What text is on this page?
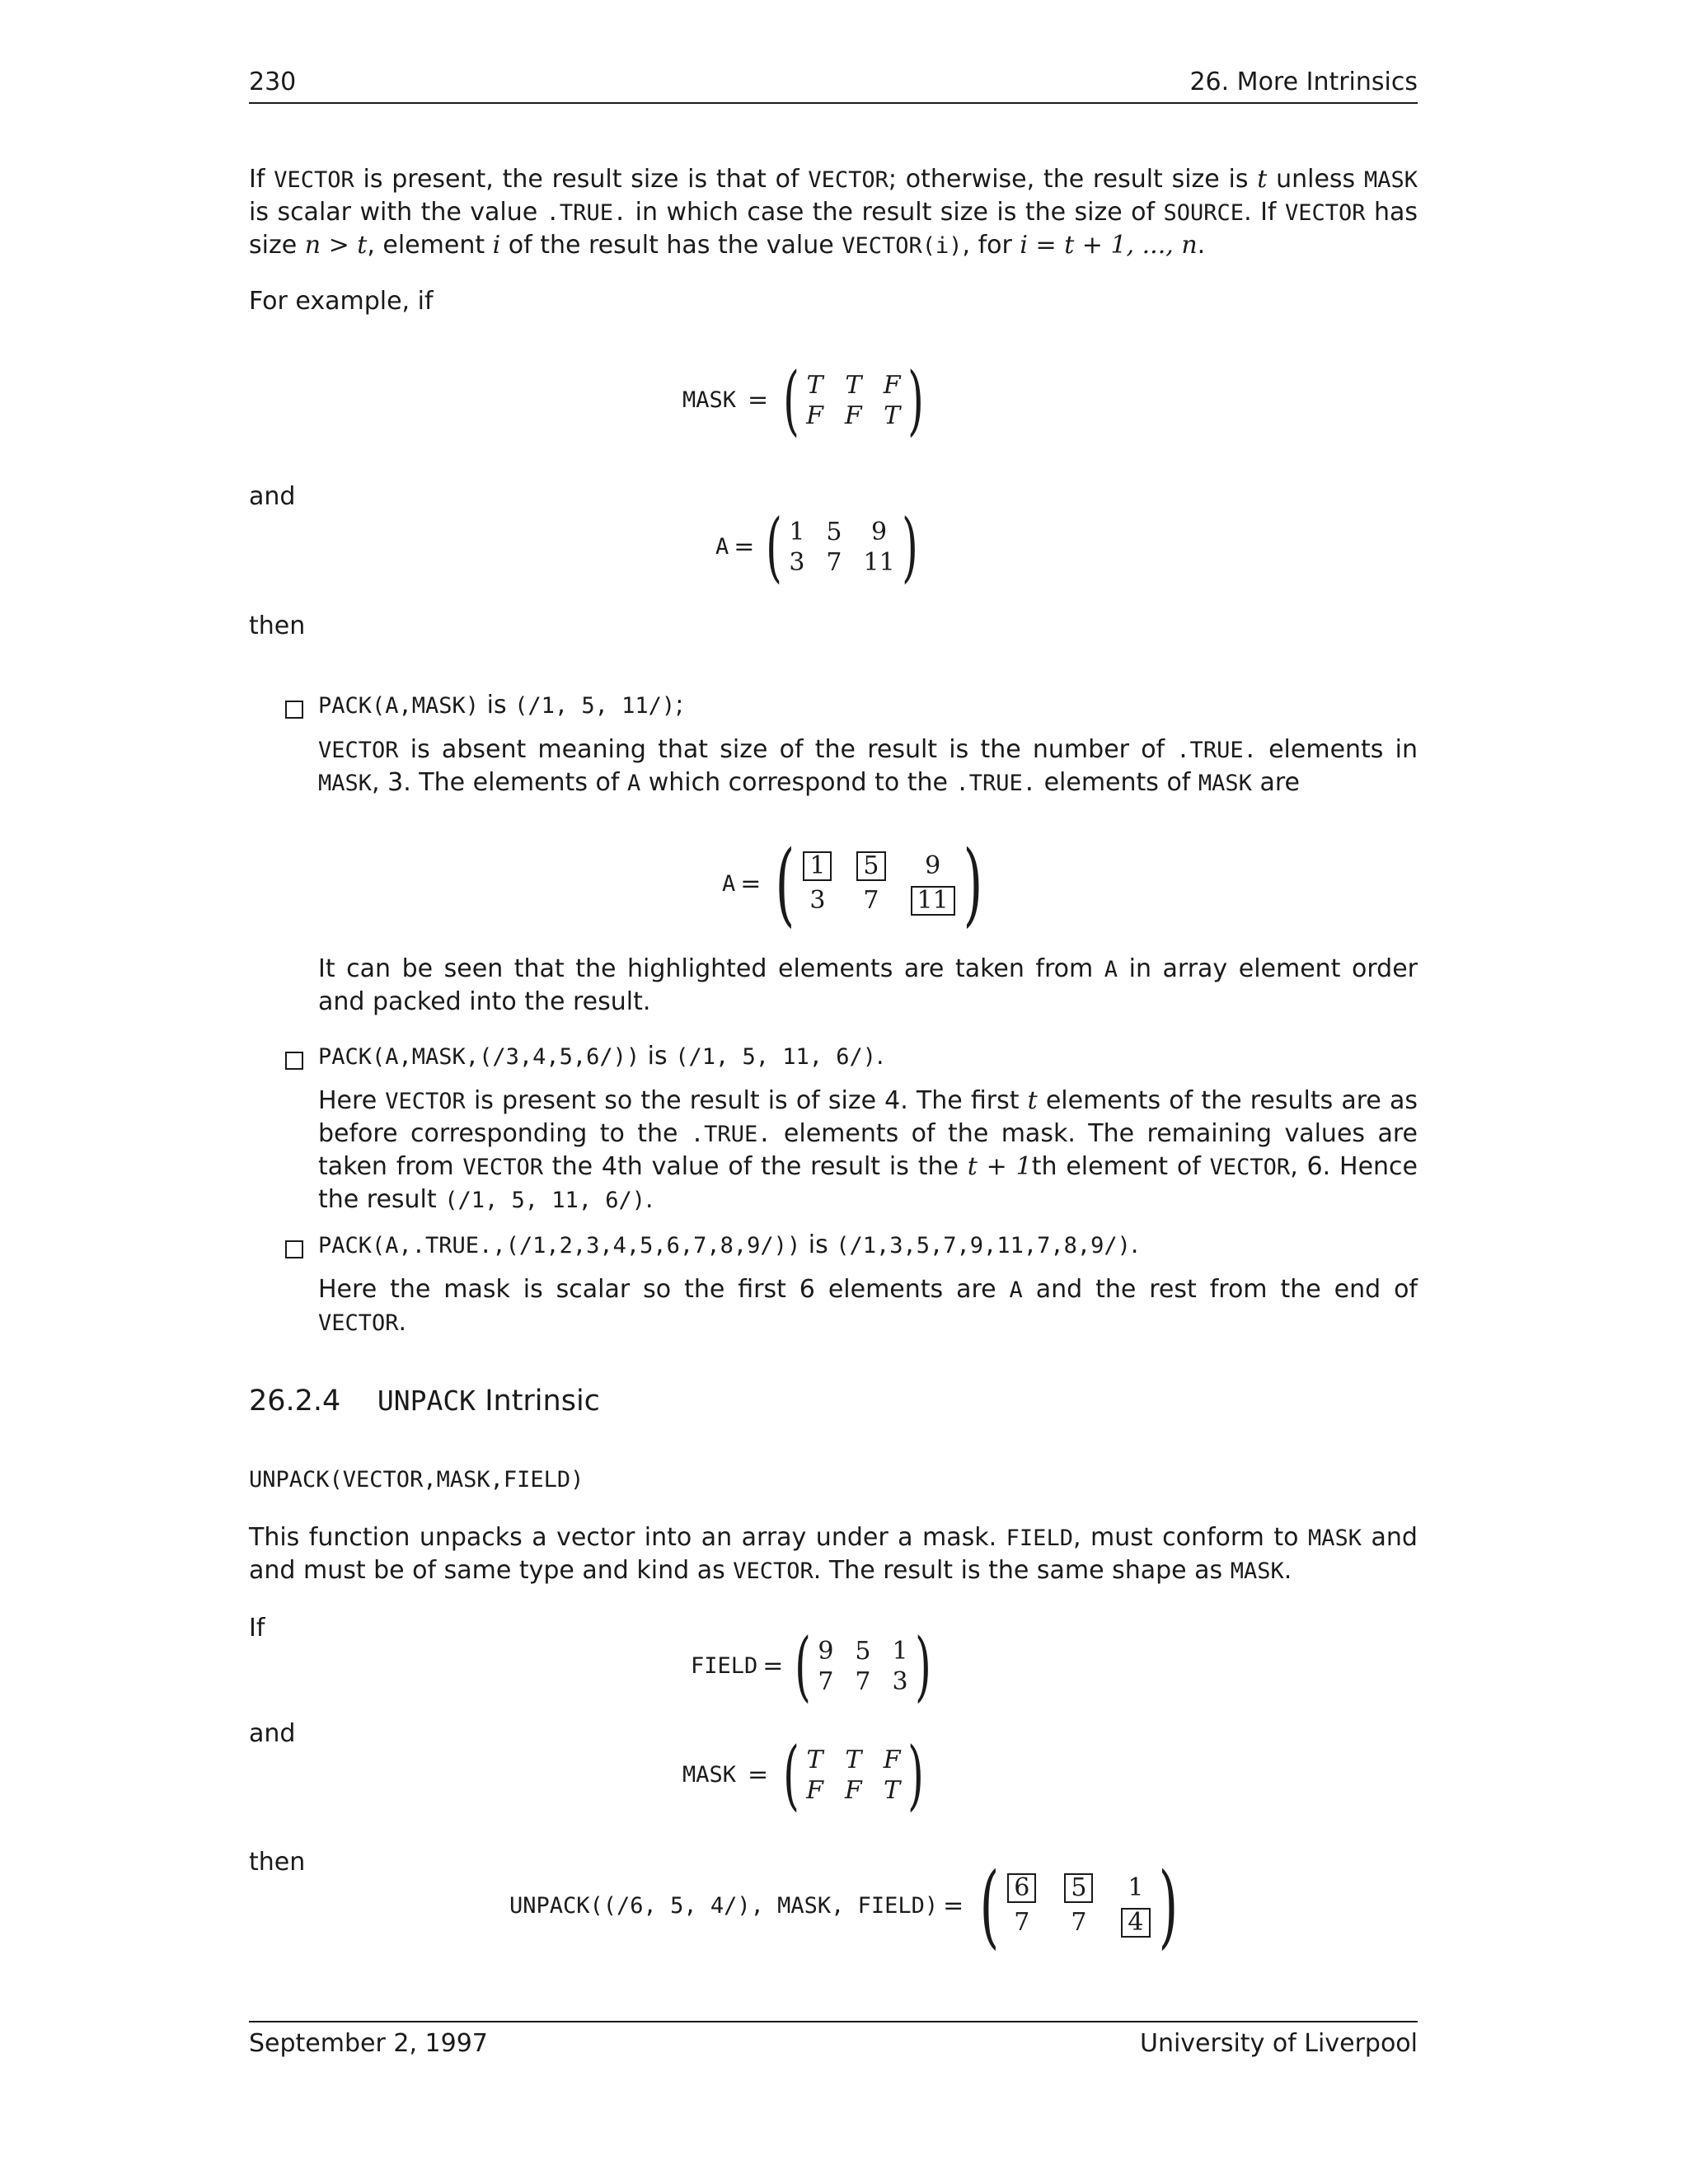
230	26. More Intrinsics
If VECTOR is present, the result size is that of VECTOR; otherwise, the result size is t unless MASK is scalar with the value .TRUE. in which case the result size is the size of SOURCE. If VECTOR has size n > t, element i of the result has the value VECTOR(i), for i = t + 1, ..., n.
For example, if
MASK = ( T T F
F F T )
and
A = ( 1 5	9
3 7 11 )
then
PACK(A,MASK) is (/1, 5, 11/);
VECTOR is absent meaning that size of the result is the number of .TRUE. elements in MASK, 3. The elements of A which correspond to the .TRUE. elements of MASK are
A = ( 1 5	9
3 7 11 )
It can be seen that the highlighted elements are taken from A in array element order and packed into the result.
PACK(A,MASK,(/3,4,5,6/)) is (/1, 5, 11, 6/).
Here VECTOR is present so the result is of size 4. The first t elements of the results are as before corresponding to the .TRUE. elements of the mask. The remaining values are taken from VECTOR the 4th value of the result is the t + 1th element of VECTOR, 6. Hence the result (/1, 5, 11, 6/).
PACK(A,.TRUE.,(/1,2,3,4,5,6,7,8,9/)) is (/1,3,5,7,9,11,7,8,9/).
Here the mask is scalar so the first 6 elements are A and the rest from the end of VECTOR.
26.2.4 UNPACK Intrinsic
UNPACK(VECTOR,MASK,FIELD)
This function unpacks a vector into an array under a mask. FIELD, must conform to MASK and and must be of same type and kind as VECTOR. The result is the same shape as MASK.
If
FIELD = ( 9 5 1
7 7 3 )
and
MASK = ( T T F
F F T )
then
UNPACK((/6, 5, 4/), MASK, FIELD) = ( 6 5 1
7 7 4 )
September 2, 1997	University of Liverpool
